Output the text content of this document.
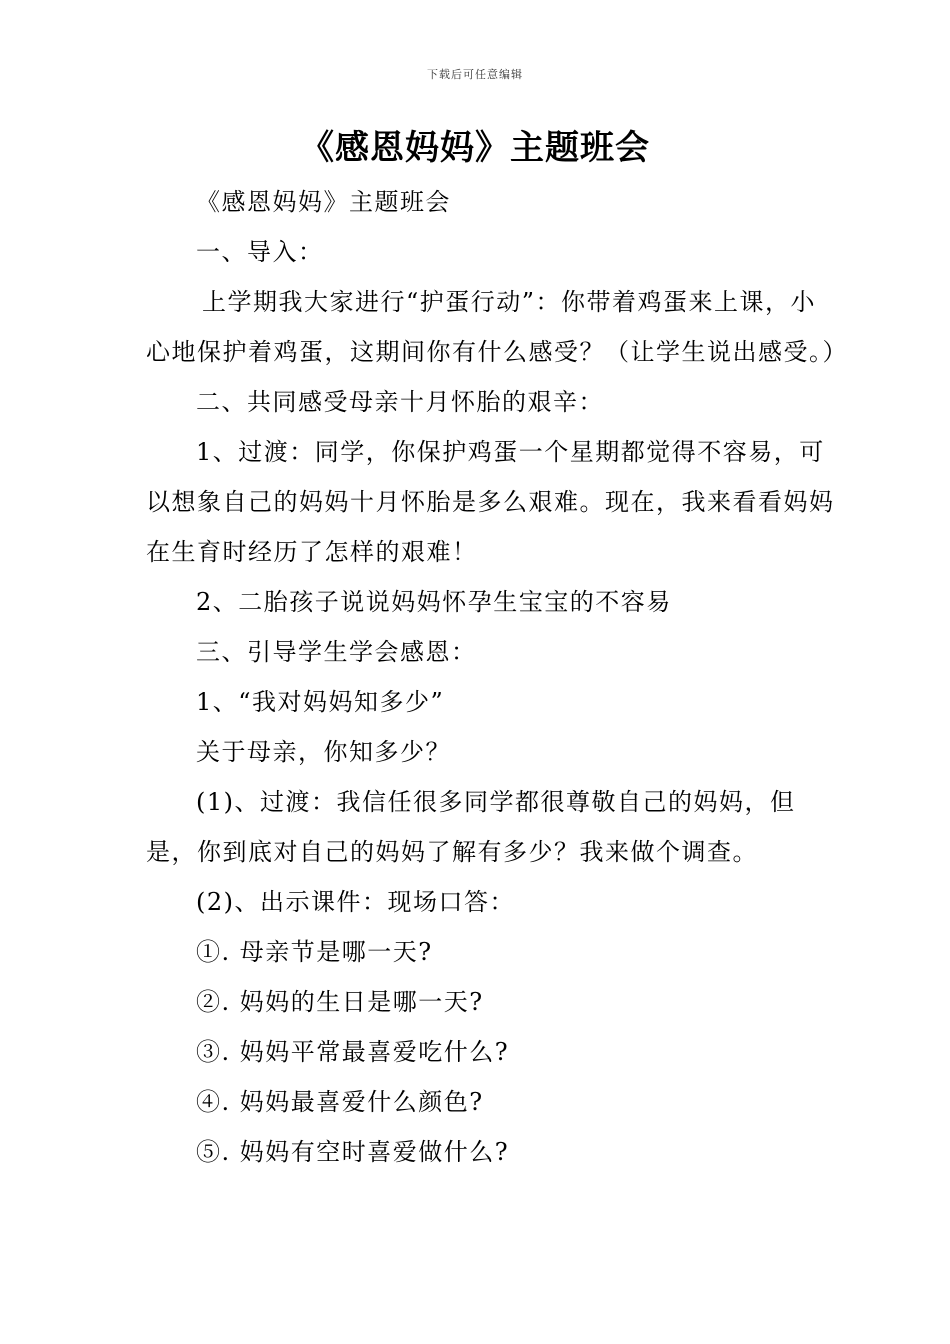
下载后可任意编辑
《感恩妈妈》主题班会

《感恩妈妈》主题班会

一、导入：

上学期我大家进行“护蛋行动”：你带着鸡蛋来上课，小心地保护着鸡蛋，这期间你有什么感受？（让学生说出感受。）

二、共同感受母亲十月怀胎的艰辛：

1、过渡：同学，你保护鸡蛋一个星期都觉得不容易，可以想象自己的妈妈十月怀胎是多么艰难。现在，我来看看妈妈在生育时经历了怎样的艰难！

2、二胎孩子说说妈妈怀孕生宝宝的不容易

三、引导学生学会感恩：

1、“我对妈妈知多少”

关于母亲，你知多少？

(1)、过渡：我信任很多同学都很尊敬自己的妈妈，但是，你到底对自己的妈妈了解有多少？我来做个调查。

(2)、出示课件：现场口答：

①. 母亲节是哪一天?

②. 妈妈的生日是哪一天?

③. 妈妈平常最喜爱吃什么?

④. 妈妈最喜爱什么颜色?

⑤. 妈妈有空时喜爱做什么?
